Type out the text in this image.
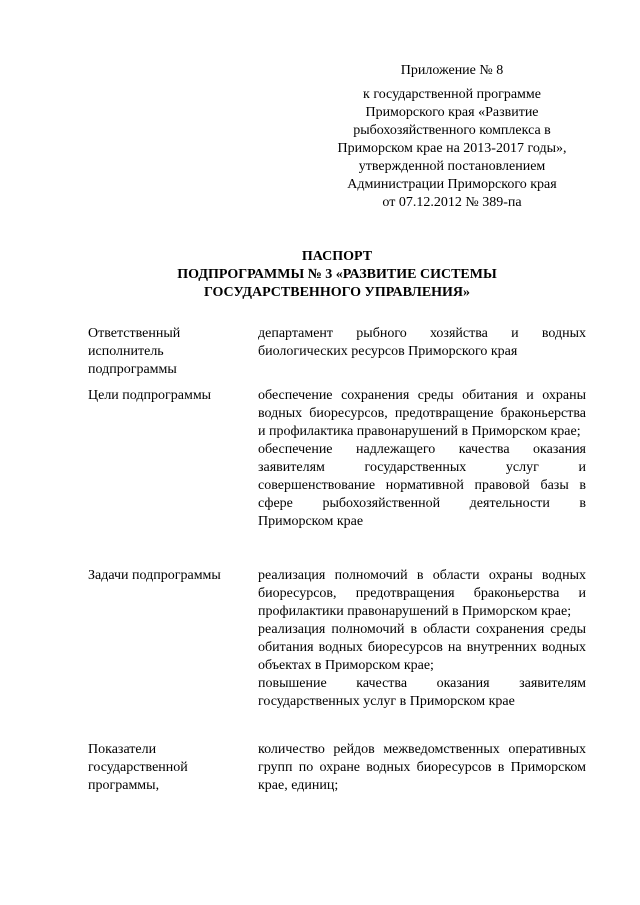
Приложение № 8
к государственной программе
Приморского края «Развитие
рыбохозяйственного комплекса в
Приморском крае на 2013-2017 годы»,
утвержденной постановлением
Администрации Приморского края
от 07.12.2012 № 389-па
ПАСПОРТ
ПОДПРОГРАММЫ № 3 «РАЗВИТИЕ СИСТЕМЫ
ГОСУДАРСТВЕННОГО УПРАВЛЕНИЯ»
Ответственный
исполнитель
подпрограммы

департамент рыбного хозяйства и водных биологических ресурсов Приморского края

Цели подпрограммы	обеспечение сохранения среды обитания и охраны водных биоресурсов, предотвращение браконьерства и профилактика правонарушений в Приморском крае;

обеспечение надлежащего качества оказания заявителям государственных услуг и совершенствование нормативной правовой базы в сфере рыбохозяйственной деятельности в Приморском крае

Задачи подпрограммы	реализация полномочий в области охраны водных биоресурсов, предотвращения браконьерства и профилактики правонарушений в Приморском крае;

реализация полномочий в области сохранения среды обитания водных биоресурсов на внутренних водных объектах в Приморском крае;

повышение качества оказания заявителям государственных услуг в Приморском крае

Показатели
государственной
программы,

количество рейдов межведомственных оперативных групп по охране водных биоресурсов в Приморском крае, единиц;
